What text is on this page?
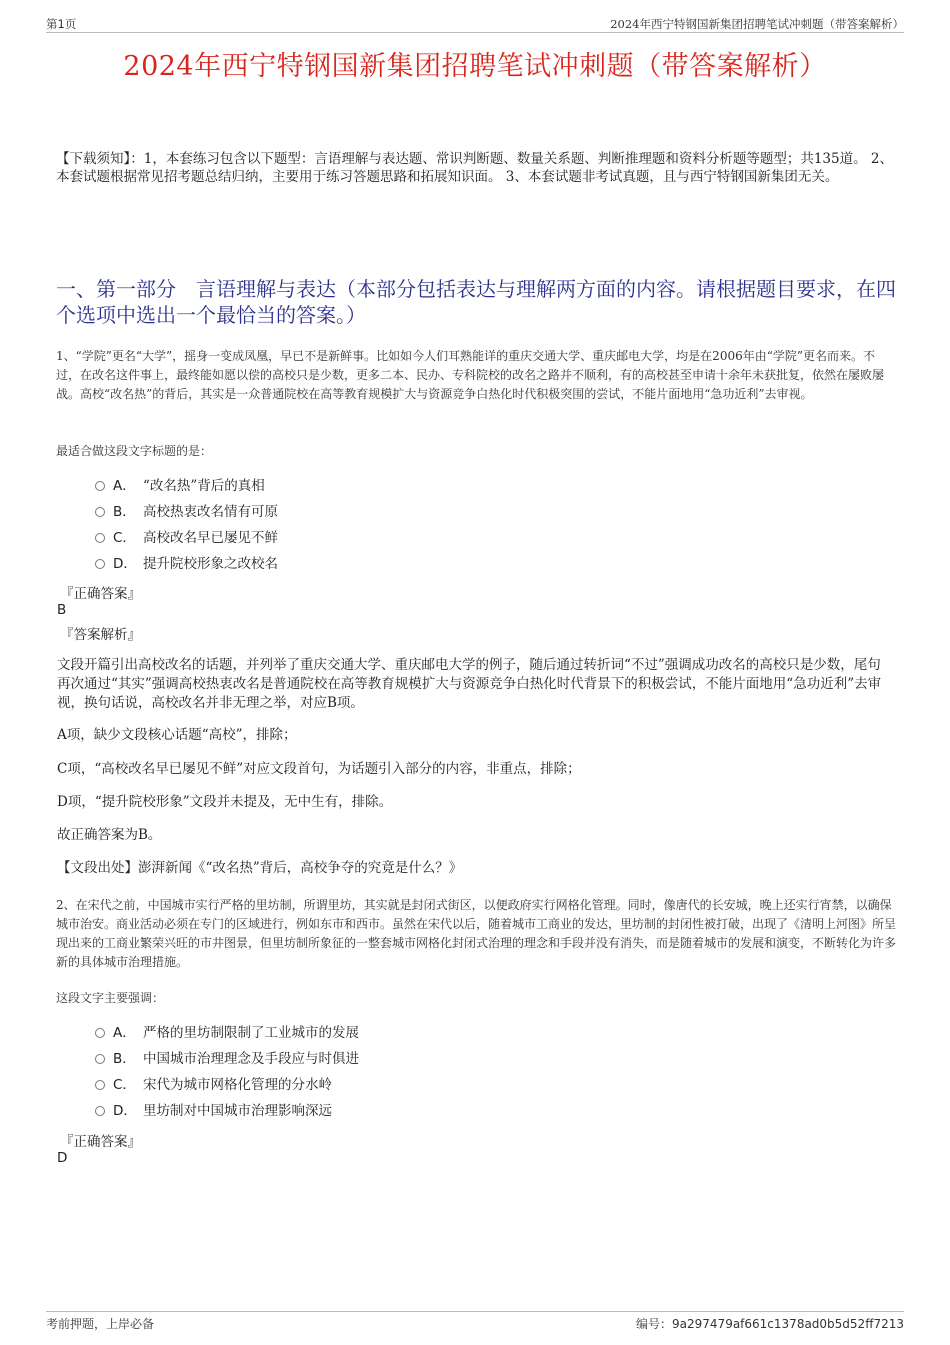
第1页	2024年西宁特钢国新集团招聘笔试冲刺题（带答案解析）
2024年西宁特钢国新集团招聘笔试冲刺题（带答案解析）
【下载须知】：1，本套练习包含以下题型：言语理解与表达题、常识判断题、数量关系题、判断推理题和资料分析题等题型；共135道。 2、本套试题根据常见招考题总结归纳，主要用于练习答题思路和拓展知识面。 3、本套试题非考试真题，且与西宁特钢国新集团无关。
一、第一部分　言语理解与表达（本部分包括表达与理解两方面的内容。请根据题目要求，在四个选项中选出一个最恰当的答案。）
1、“学院”更名“大学”，摇身一变成凤凰，早已不是新鲜事。比如如今人们耳熟能详的重庆交通大学、重庆邮电大学，均是在2006年由“学院”更名而来。不过，在改名这件事上，最终能如愿以偿的高校只是少数，更多二本、民办、专科院校的改名之路并不顺利，有的高校甚至申请十余年未获批复，依然在屡败屡战。高校“改名热”的背后，其实是一众普通院校在高等教育规模扩大与资源竞争白热化时代积极突围的尝试，不能片面地用“急功近利”去审视。
最适合做这段文字标题的是：
A． “改名热”背后的真相
B． 高校热衷改名情有可原
C． 高校改名早已屡见不鲜
D． 提升院校形象之改校名
『正确答案』
B
『答案解析』
文段开篇引出高校改名的话题，并列举了重庆交通大学、重庆邮电大学的例子，随后通过转折词“不过”强调成功改名的高校只是少数，尾句再次通过“其实”强调高校热衷改名是普通院校在高等教育规模扩大与资源竞争白热化时代背景下的积极尝试，不能片面地用“急功近利”去审视，换句话说，高校改名并非无理之举，对应B项。
A项，缺少文段核心话题“高校”，排除；
C项，“高校改名早已屡见不鲜”对应文段首句，为话题引入部分的内容，非重点，排除；
D项，“提升院校形象”文段并未提及，无中生有，排除。
故正确答案为B。
【文段出处】澎湃新闻《“改名热”背后，高校争夺的究竟是什么？》
2、在宋代之前，中国城市实行严格的里坊制，所谓里坊，其实就是封闭式街区，以便政府实行网格化管理。同时，像唐代的长安城，晚上还实行宵禁，以确保城市治安。商业活动必须在专门的区域进行，例如东市和西市。虽然在宋代以后，随着城市工商业的发达，里坊制的封闭性被打破，出现了《清明上河图》所呈现出来的工商业繁荣兴旺的市井图景，但里坊制所象征的一整套城市网格化封闭式治理的理念和手段并没有消失，而是随着城市的发展和演变，不断转化为许多新的具体城市治理措施。
这段文字主要强调：
A． 严格的里坊制限制了工业城市的发展
B． 中国城市治理理念及手段应与时俱进
C． 宋代为城市网格化管理的分水岭
D． 里坊制对中国城市治理影响深远
『正确答案』
D
考前押题，上岸必备	编号：9a297479af661c1378ad0b5d52ff7213
